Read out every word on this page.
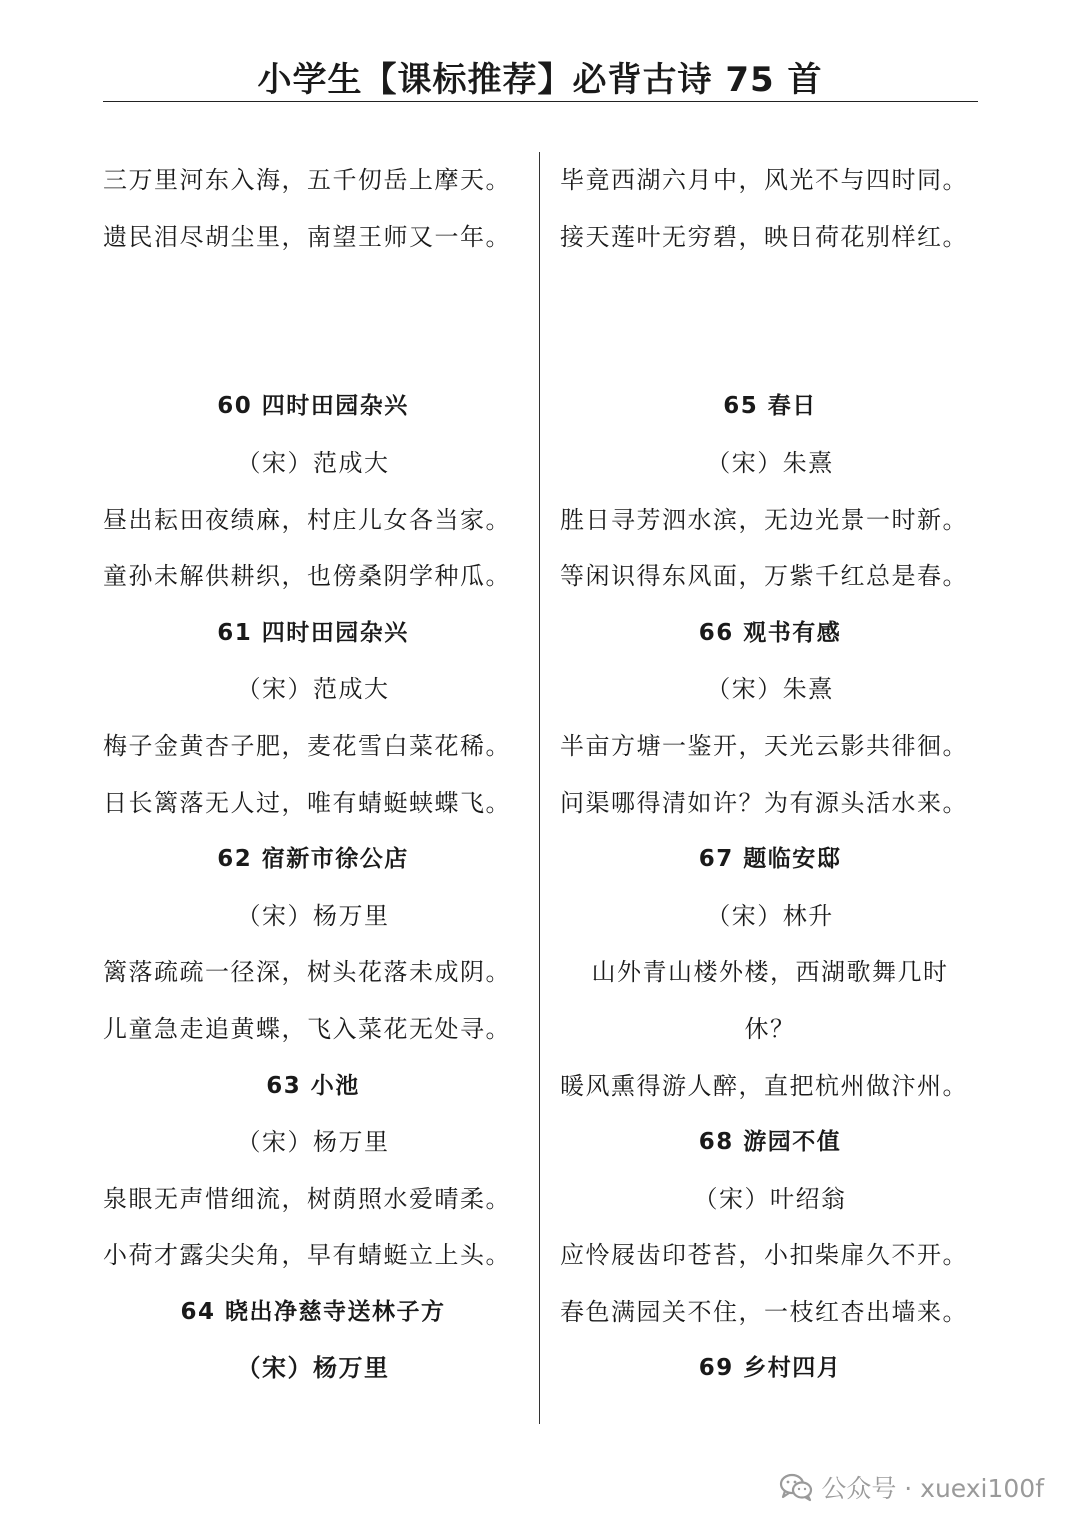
小学生【课标推荐】必背古诗 75 首
三万里河东入海，五千仞岳上摩天。
遗民泪尽胡尘里，南望王师又一年。
60 四时田园杂兴
（宋）范成大
昼出耘田夜绩麻，村庄儿女各当家。
童孙未解供耕织，也傍桑阴学种瓜。
61 四时田园杂兴
（宋）范成大
梅子金黄杏子肥，麦花雪白菜花稀。
日长篱落无人过，唯有蜻蜓蛱蝶飞。
62 宿新市徐公店
（宋）杨万里
篱落疏疏一径深，树头花落未成阴。
儿童急走追黄蝶，飞入菜花无处寻。
63 小池
（宋）杨万里
泉眼无声惜细流，树荫照水爱晴柔。
小荷才露尖尖角，早有蜻蜓立上头。
64 晓出净慈寺送林子方
（宋）杨万里
毕竟西湖六月中，风光不与四时同。
接天莲叶无穷碧，映日荷花别样红。
65 春日
（宋）朱熹
胜日寻芳泗水滨，无边光景一时新。
等闲识得东风面，万紫千红总是春。
66 观书有感
（宋）朱熹
半亩方塘一鉴开，天光云影共徘徊。
问渠哪得清如许？为有源头活水来。
67 题临安邸
（宋）林升
山外青山楼外楼，西湖歌舞几时
休？
暖风熏得游人醉，直把杭州做汴州。
68 游园不值
（宋）叶绍翁
应怜屐齿印苍苔，小扣柴扉久不开。
春色满园关不住，一枝红杏出墙来。
69 乡村四月
公众号 · xuexi100f
